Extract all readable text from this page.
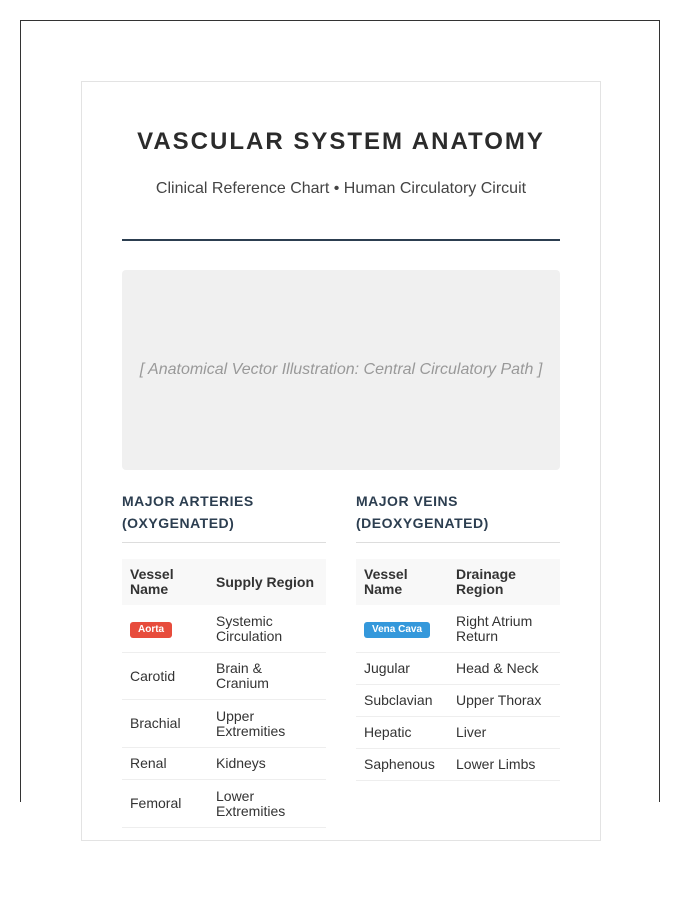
VASCULAR SYSTEM ANATOMY
Clinical Reference Chart • Human Circulatory Circuit
[ Anatomical Vector Illustration: Central Circulatory Path ]
MAJOR ARTERIES
(OXYGENATED)
Vessel Name	Supply Region
Aorta	Systemic Circulation
Carotid	Brain & Cranium
Brachial	Upper Extremities
Renal	Kidneys
Femoral	Lower Extremities
MAJOR VEINS
(DEOXYGENATED)
Vessel Name	Drainage Region
Vena Cava	Right Atrium Return
Jugular	Head & Neck
Subclavian	Upper Thorax
Hepatic	Liver
Saphenous	Lower Limbs
